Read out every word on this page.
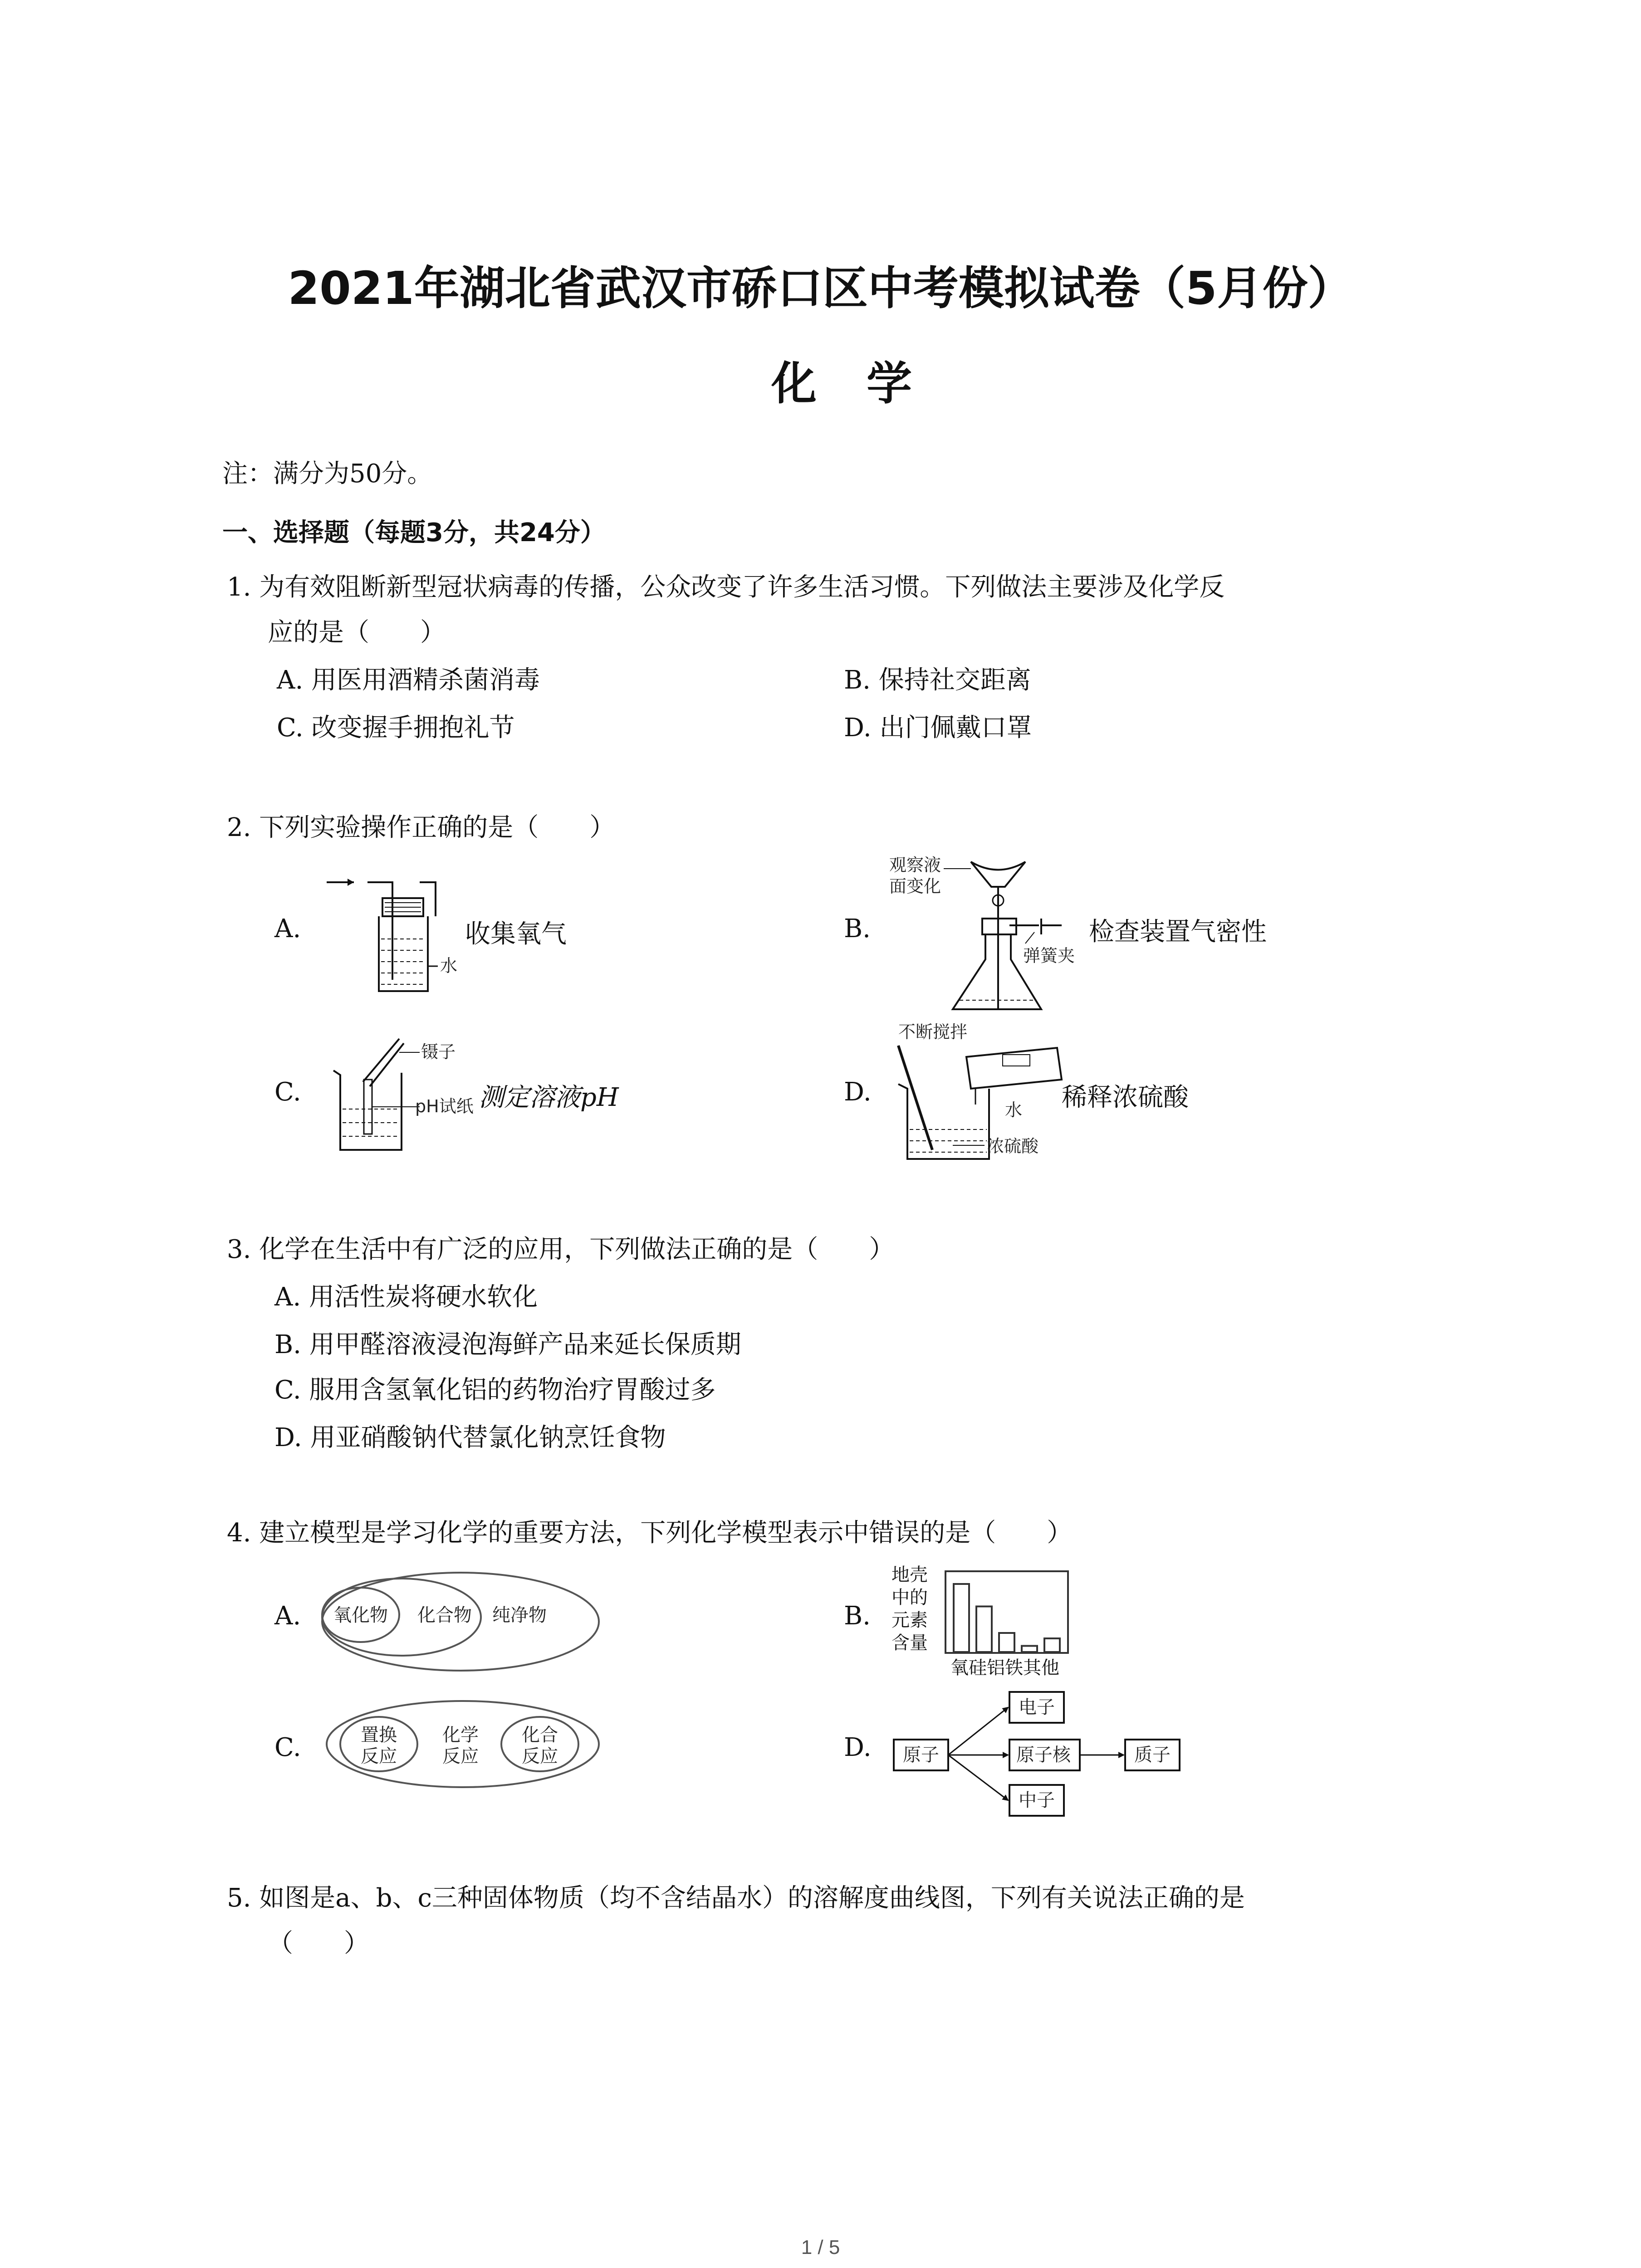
2021年湖北省武汉市硚口区中考模拟试卷（5月份）
化学
注：满分为50分。
一、选择题（每题3分，共24分）
1. 为有效阻断新型冠状病毒的传播，公众改变了许多生活习惯。下列做法主要涉及化学反
应的是（　　）
A. 用医用酒精杀菌消毒	B. 保持社交距离
C. 改变握手拥抱礼节	D. 出门佩戴口罩
2. 下列实验操作正确的是（　　）
A.
水
收集氧气	B.
观察液
面变化
弹簧夹
检查装置气密性
C.
镊子
pH试纸 测定溶液pH	D.
不断搅拌
水
浓硫酸
稀释浓硫酸
3. 化学在生活中有广泛的应用，下列做法正确的是（　　）
A. 用活性炭将硬水软化
B. 用甲醛溶液浸泡海鲜产品来延长保质期
C. 服用含氢氧化铝的药物治疗胃酸过多
D. 用亚硝酸钠代替氯化钠烹饪食物
4. 建立模型是学习化学的重要方法，下列化学模型表示中错误的是（　　）
A. 氧化物 化合物 纯净物	B.
地壳
中的
元素
含量
氧硅铝铁其他
C.	置换
反应
化学
反应
化合
反应	D. 原子
电子
原子核
中子
质子
5. 如图是a、b、c三种固体物质（均不含结晶水）的溶解度曲线图，下列有关说法正确的是
（　　）
1 / 5
